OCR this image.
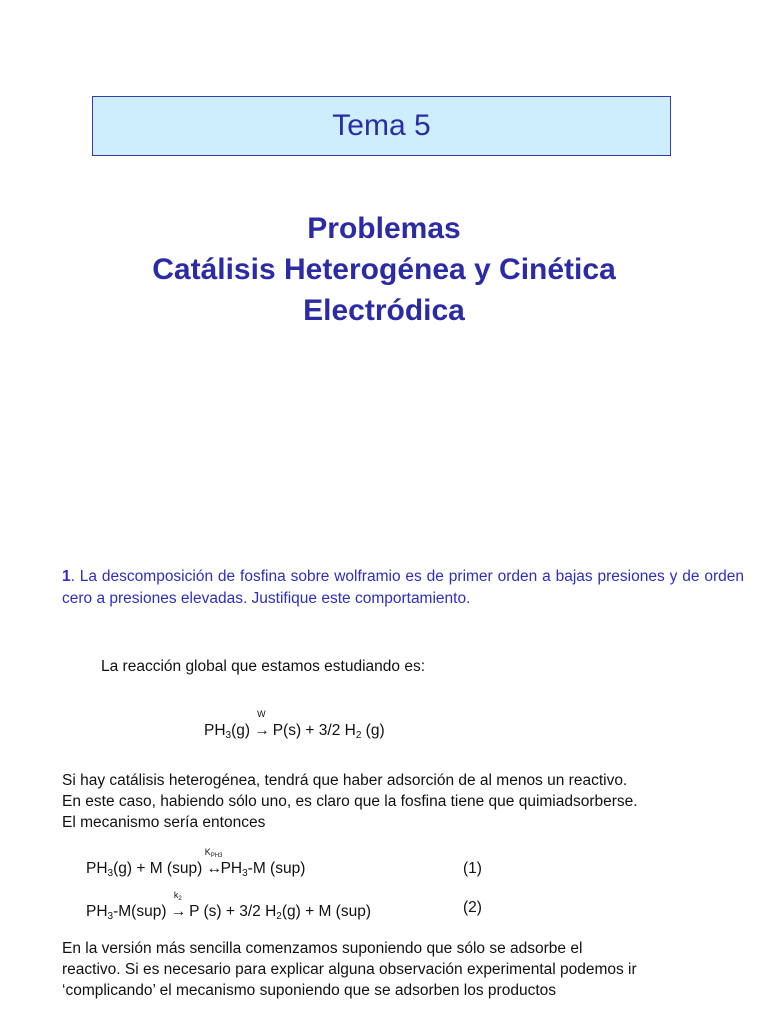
Tema 5
Problemas
Catálisis Heterogénea y Cinética
Electródica
1. La descomposición de fosfina sobre wolframio es de primer orden a bajas presiones y de orden cero a presiones elevadas. Justifique este comportamiento.
La reacción global que estamos estudiando es:
$PH_3(g)$
W
→ P(s) + 3/2 $H_2$ (g)
Si hay catálisis heterogénea, tendrá que haber adsorción de al menos un reactivo.
En este caso, habiendo sólo uno, es claro que la fosfina tiene que quimiadsorberse.
El mecanismo sería entonces
$PH_3(g) + M$ (sup)
$K_{PH3}$
$\leftrightarrow PH_3-M$ (sup)	(1)
$PH_3-M(sup)$
$k_2$
→ P (s) + 3/2 $H_2(g) + M$ (sup)	(2)
En la versión más sencilla comenzamos suponiendo que sólo se adsorbe el
reactivo. Si es necesario para explicar alguna observación experimental podemos ir
‘complicando’ el mecanismo suponiendo que se adsorben los productos
